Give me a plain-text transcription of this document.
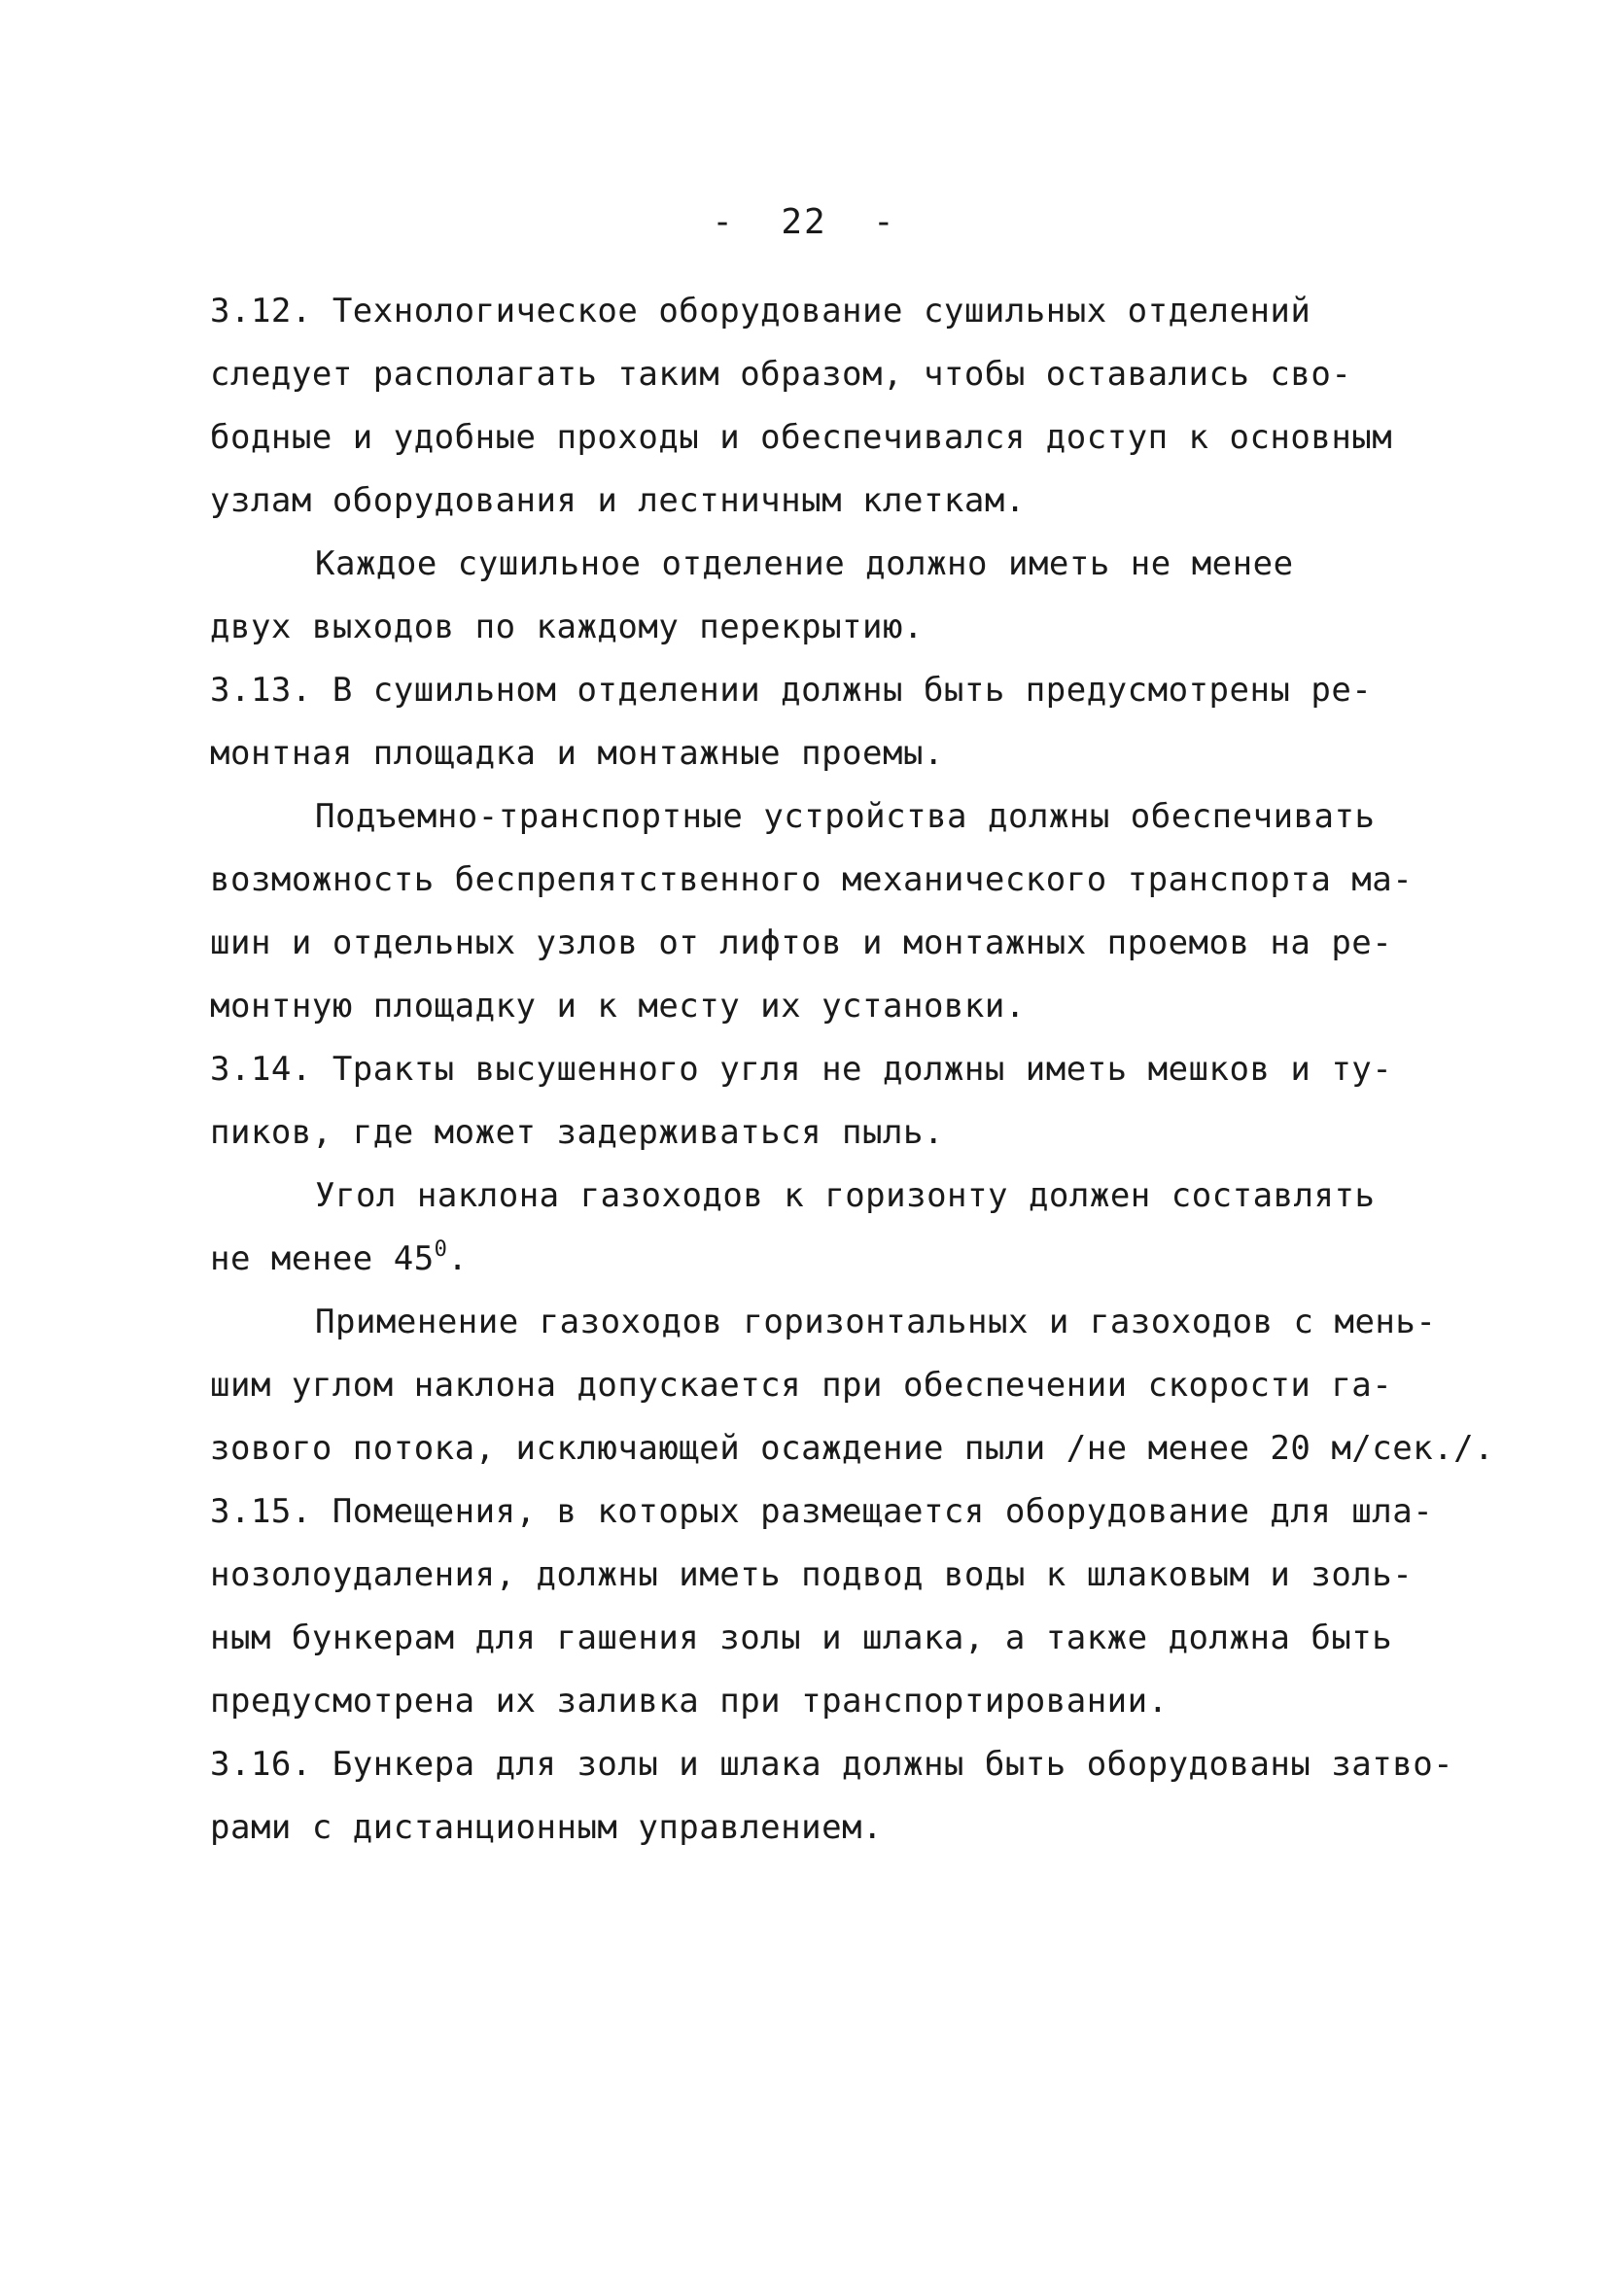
-  22  -
3.12. Технологическое оборудование сушильных отделений
следует располагать таким образом, чтобы оставались сво-
бодные и удобные проходы и обеспечивался доступ к основным
узлам оборудования и лестничным клеткам.
Каждое сушильное отделение должно иметь не менее
двух выходов по каждому перекрытию.
3.13. В сушильном отделении должны быть предусмотрены ре-
монтная площадка и монтажные проемы.
Подъемно-транспортные устройства должны обеспечивать
возможность беспрепятственного механического транспорта ма-
шин и отдельных узлов от лифтов и монтажных проемов на ре-
монтную площадку и к месту их установки.
3.14. Тракты высушенного угля не должны иметь мешков и ту-
пиков, где может задерживаться пыль.
Угол наклона газоходов к горизонту должен составлять
не менее $45^0$.
Применение газоходов горизонтальных и газоходов с мень-
шим углом наклона допускается при обеспечении скорости га-
зового потока, исключающей осаждение пыли /не менее 20 м/сек./.
3.15. Помещения, в которых размещается оборудование для шла-
нозолоудаления, должны иметь подвод воды к шлаковым и золь-
ным бункерам для гашения золы и шлака, а также должна быть
предусмотрена их заливка при транспортировании.
3.16. Бункера для золы и шлака должны быть оборудованы затво-
рами с дистанционным управлением.
